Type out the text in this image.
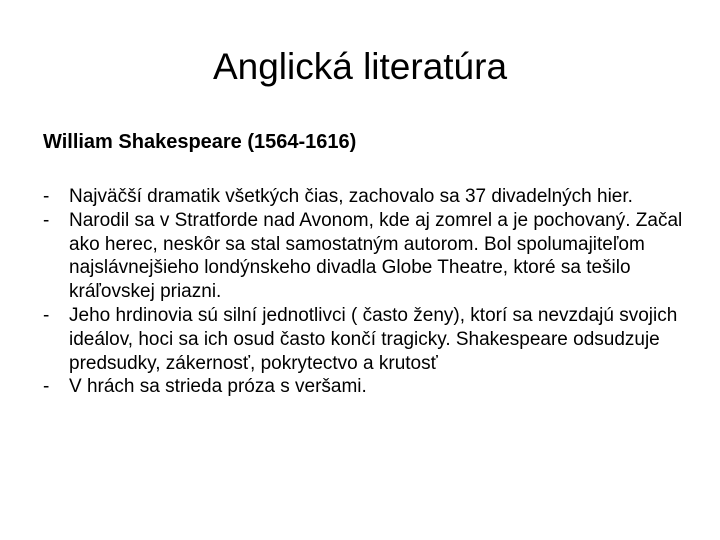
Anglická literatúra
William Shakespeare (1564-1616)
-	Najväčší dramatik všetkých čias, zachovalo sa 37 divadelných hier.
-	Narodil sa v Stratforde nad Avonom, kde aj zomrel a je pochovaný. Začal ako herec, neskôr sa stal samostatným autorom. Bol spolumajiteľom najslávnejšieho londýnskeho divadla Globe Theatre, ktoré sa tešilo kráľovskej priazni.
-	Jeho hrdinovia sú silní jednotlivci ( často ženy), ktorí sa nevzdajú svojich ideálov, hoci sa ich osud často končí tragicky. Shakespeare odsudzuje predsudky, zákernosť, pokrytectvo a krutosť
-	V hrách sa strieda próza s veršami.
